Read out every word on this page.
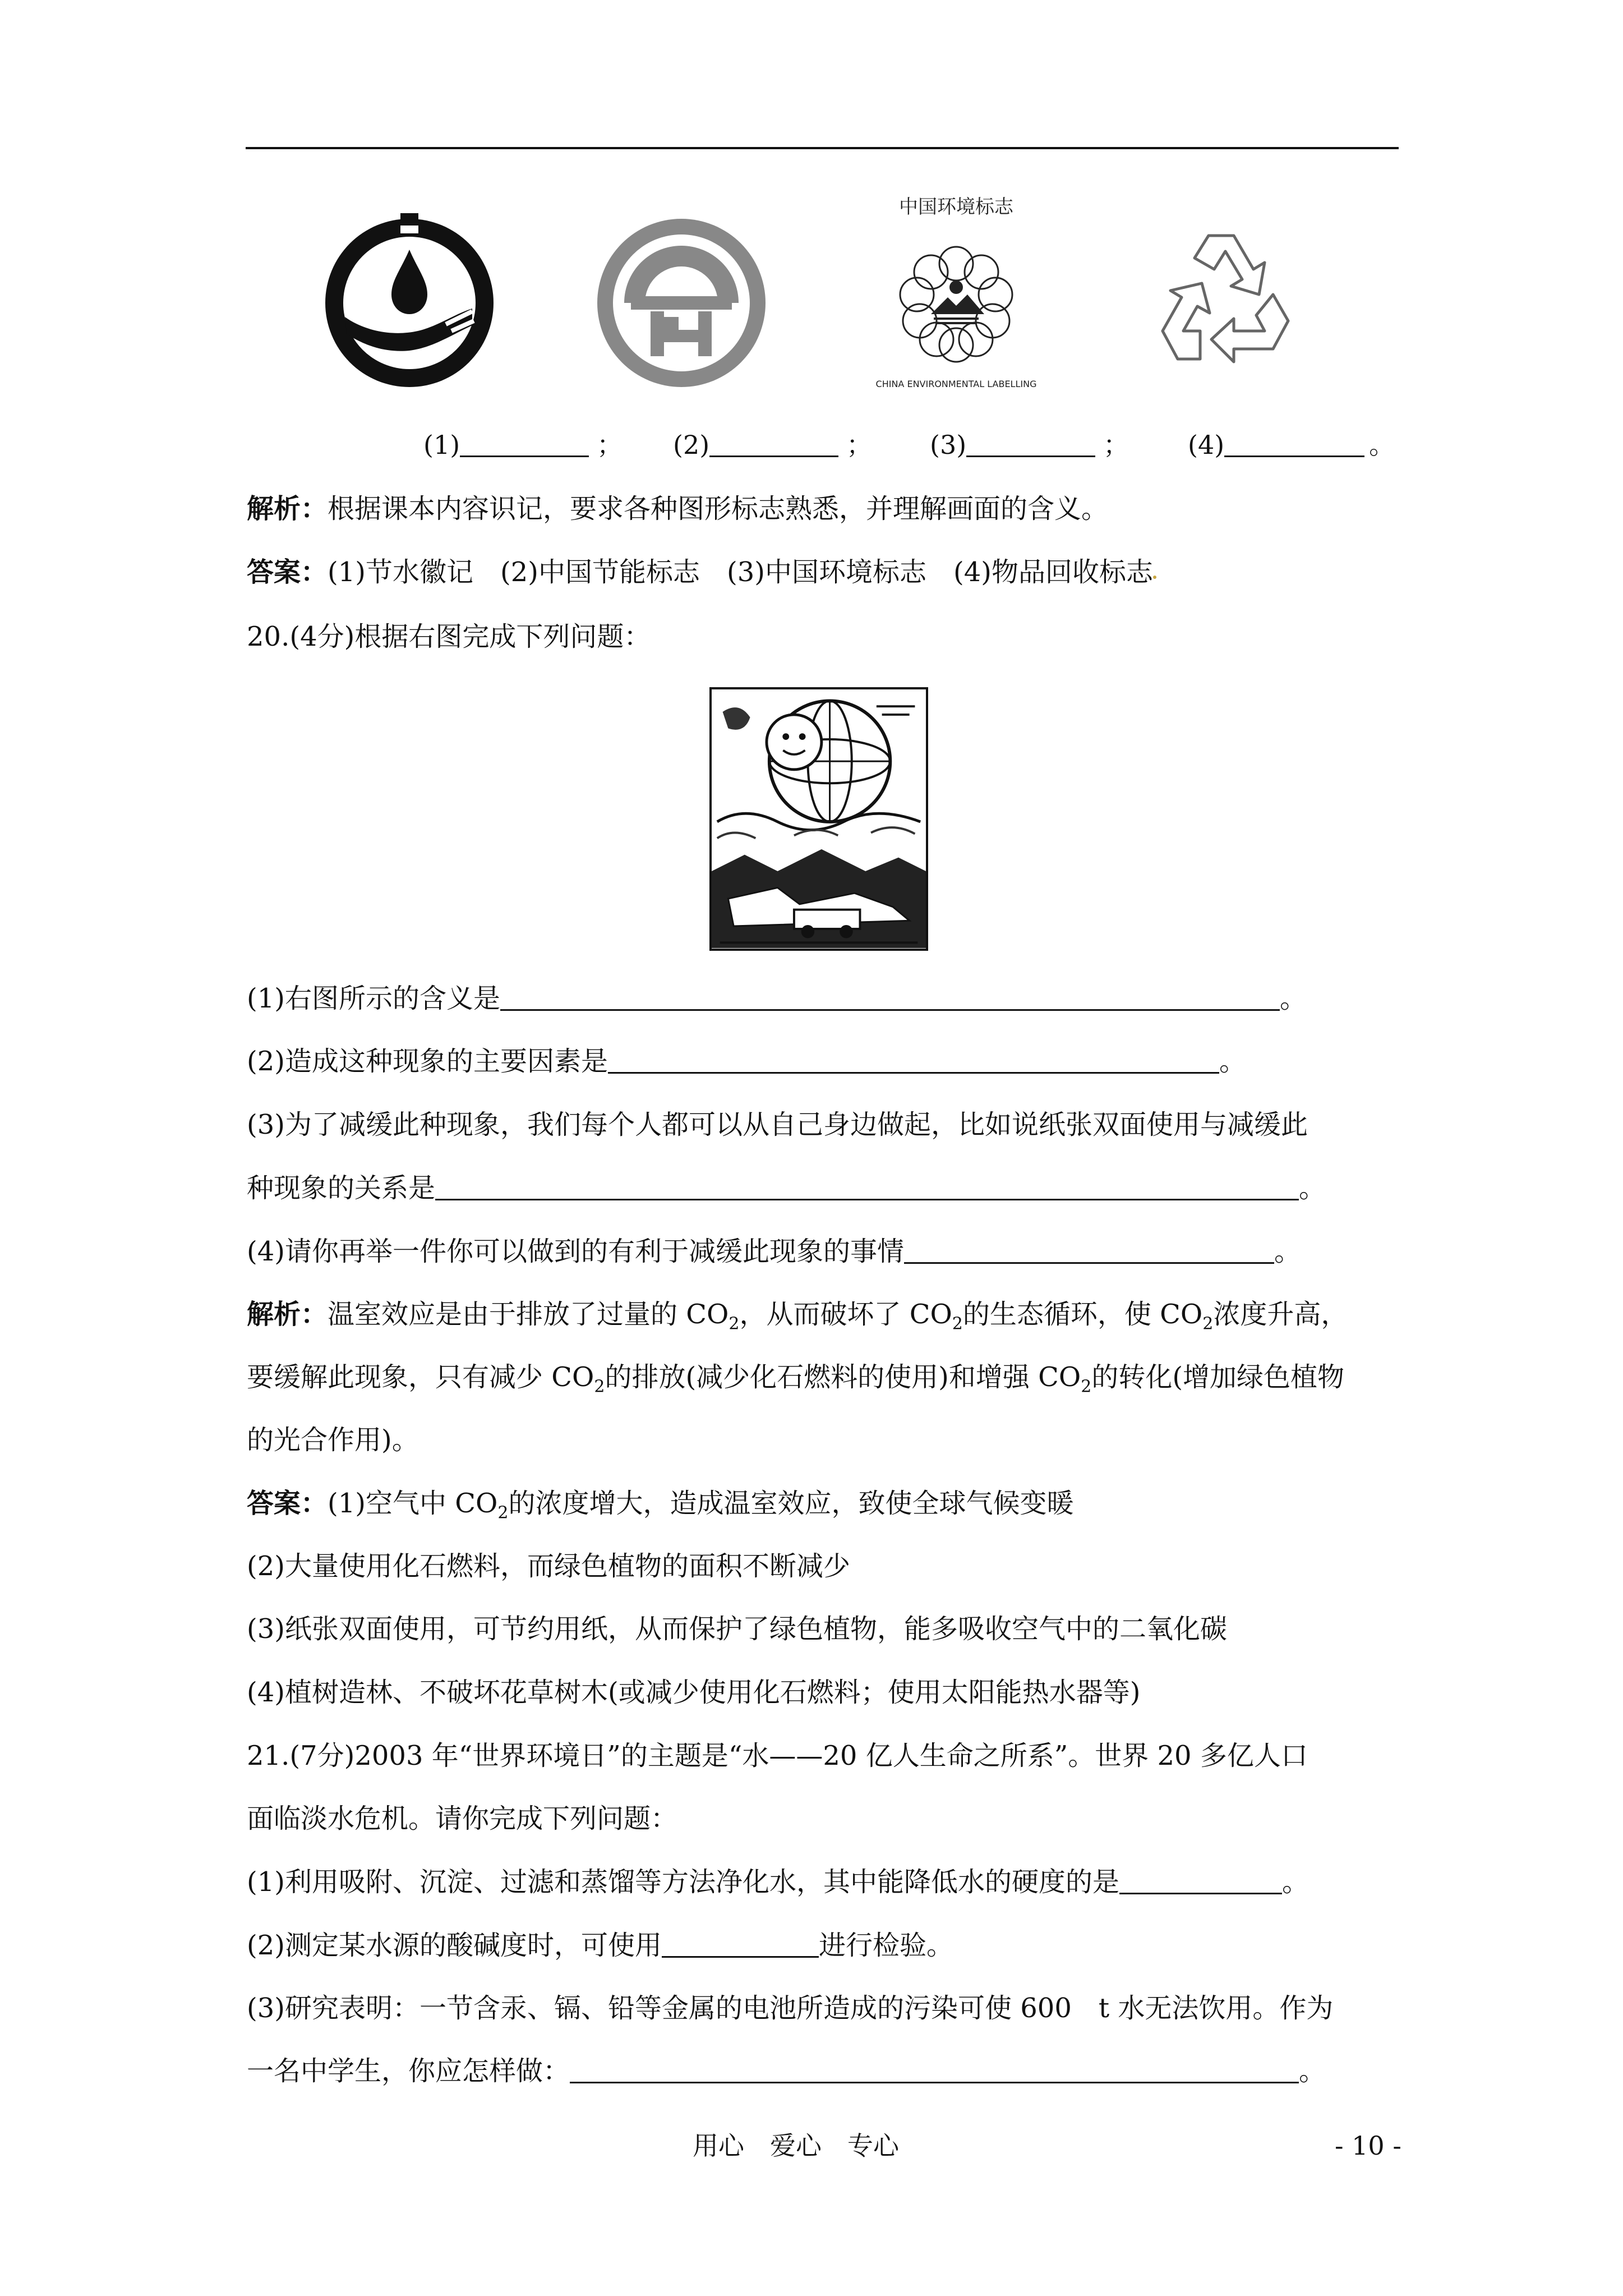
中国环境标志
CHINA ENVIRONMENTAL LABELLING
(1)	； (2)	； (3)	； (4)	。
解析：根据课本内容识记，要求各种图形标志熟悉，并理解画面的含义。
答案：(1)节水徽记　(2)中国节能标志　(3)中国环境标志　(4)物品回收标志
20.(4分)根据右图完成下列问题：
(1)右图所示的含义是	。
(2)造成这种现象的主要因素是	。
(3)为了减缓此种现象，我们每个人都可以从自己身边做起，比如说纸张双面使用与减缓此
种现象的关系是	。
(4)请你再举一件你可以做到的有利于减缓此现象的事情	。
解析：温室效应是由于排放了过量的 $CO_2$，从而破坏了 $CO_2$的生态循环，使 $CO_2$浓度升高，
要缓解此现象，只有减少 $CO_2$的排放(减少化石燃料的使用)和增强 $CO_2$的转化(增加绿色植物
的光合作用)。
答案：(1)空气中 $CO_2$的浓度增大，造成温室效应，致使全球气候变暖
(2)大量使用化石燃料，而绿色植物的面积不断减少
(3)纸张双面使用，可节约用纸，从而保护了绿色植物，能多吸收空气中的二氧化碳
(4)植树造林、不破坏花草树木(或减少使用化石燃料；使用太阳能热水器等)
21.(7分)2003 年“世界环境日”的主题是“水——20 亿人生命之所系”。世界 20 多亿人口
面临淡水危机。请你完成下列问题：
(1)利用吸附、沉淀、过滤和蒸馏等方法净化水，其中能降低水的硬度的是	。
(2)测定某水源的酸碱度时，可使用	进行检验。
(3)研究表明：一节含汞、镉、铅等金属的电池所造成的污染可使 600　t 水无法饮用。作为
一名中学生，你应怎样做：	。
用心　爱心　专心	- 10 -
